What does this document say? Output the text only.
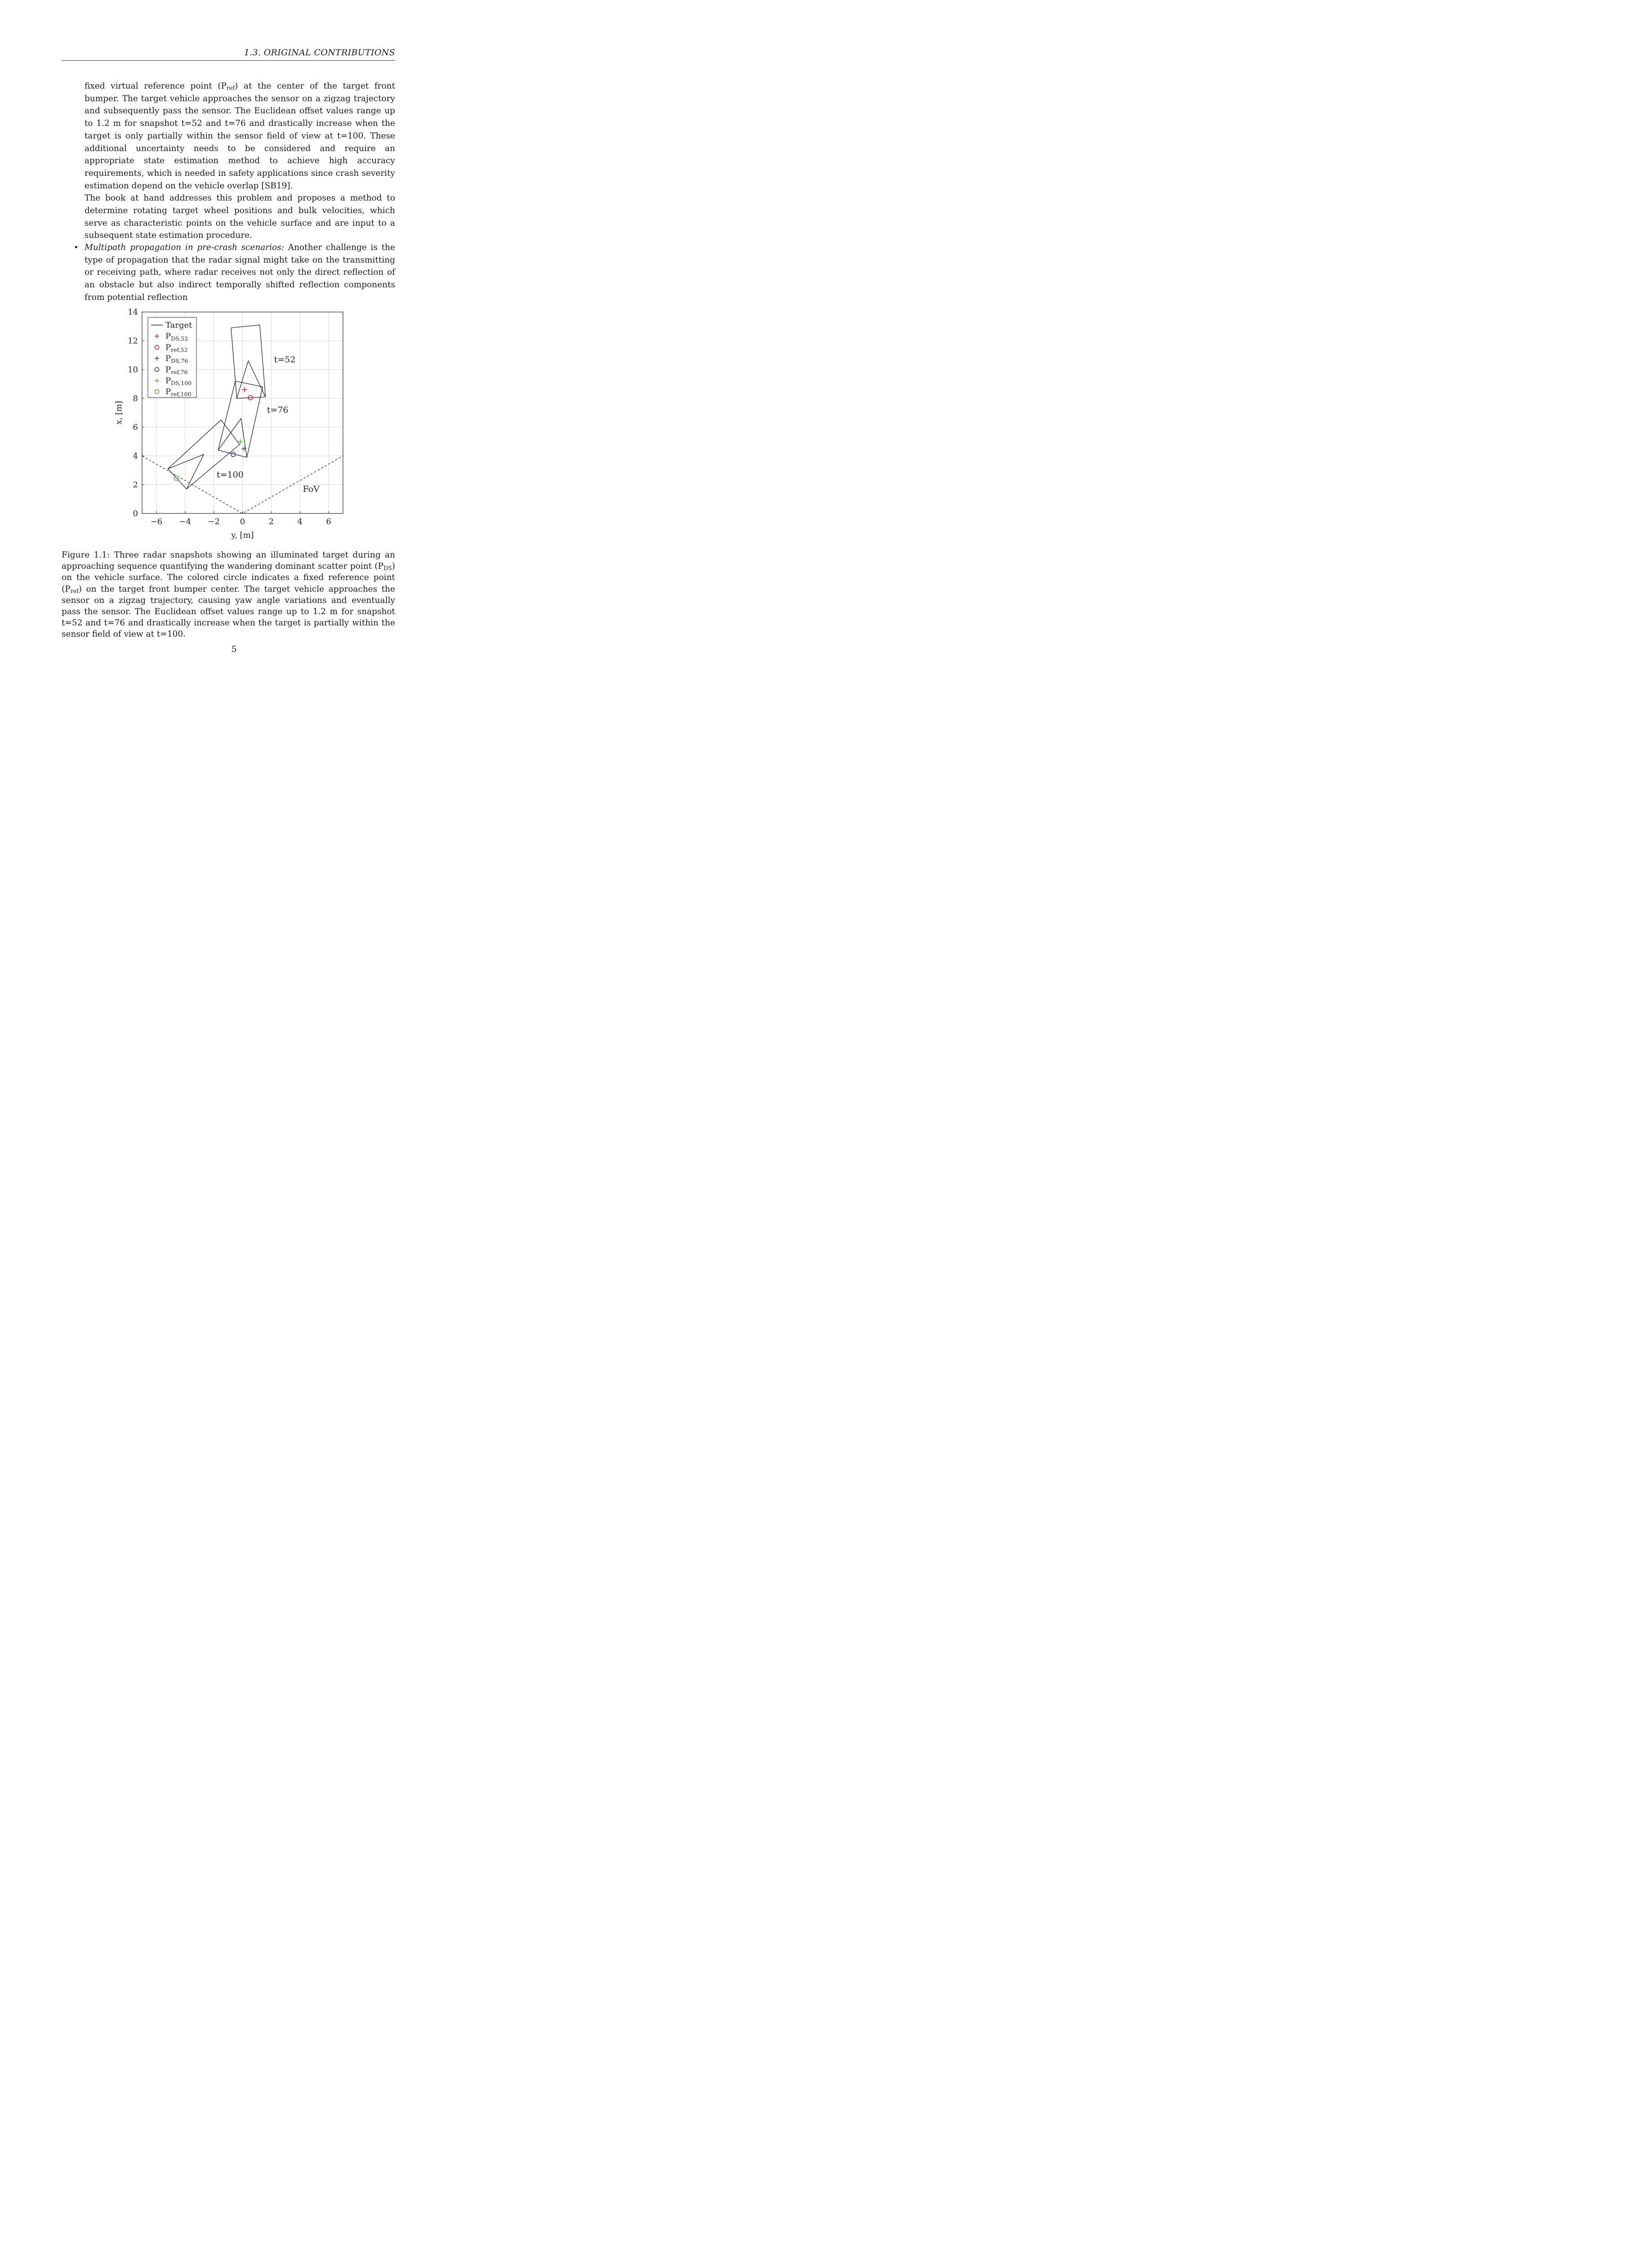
1.3. ORIGINAL CONTRIBUTIONS
fixed virtual reference point $(P_{ref})$ at the center of the target front bumper. The target vehicle approaches the sensor on a zigzag trajectory and subsequently pass the sensor. The Euclidean offset values range up to 1.2 m for snapshot t=52 and t=76 and drastically increase when the target is only partially within the sensor field of view at t=100. These additional uncertainty needs to be considered and require an appropriate state estimation method to achieve high accuracy requirements, which is needed in safety applications since crash severity estimation depend on the vehicle overlap [SB19].
The book at hand addresses this problem and proposes a method to determine rotating target wheel positions and bulk velocities, which serve as characteristic points on the vehicle surface and are input to a subsequent state estimation procedure.
• Multipath propagation in pre-crash scenarios: Another challenge is the type of propagation that the radar signal might take on the transmitting or receiving path, where radar receives not only the direct reflection of an obstacle but also indirect temporally shifted reflection components from potential reflection
t=52
t=76
t=100
FoV
−6 −4 −2 0	2	4	6
0
2
4
6
8
10
12
14
y, [m]
x, [m]
Target
$P_{DS,52}$
$P_{ref,52}$
$P_{DS,76}$
$P_{ref,76}$
$P_{DS,100}$
$P_{ref,100}$
Figure 1.1: Three radar snapshots showing an illuminated target during an approaching sequence quantifying the wandering dominant scatter point $(P_{DS})$ on the vehicle surface. The colored circle indicates a fixed reference point $(P_{ref})$ on the target front bumper center. The target vehicle approaches the sensor on a zigzag trajectory, causing yaw angle variations and eventually pass the sensor. The Euclidean offset values range up to 1.2 m for snapshot t=52 and t=76 and drastically increase when the target is partially within the sensor field of view at t=100.
5
